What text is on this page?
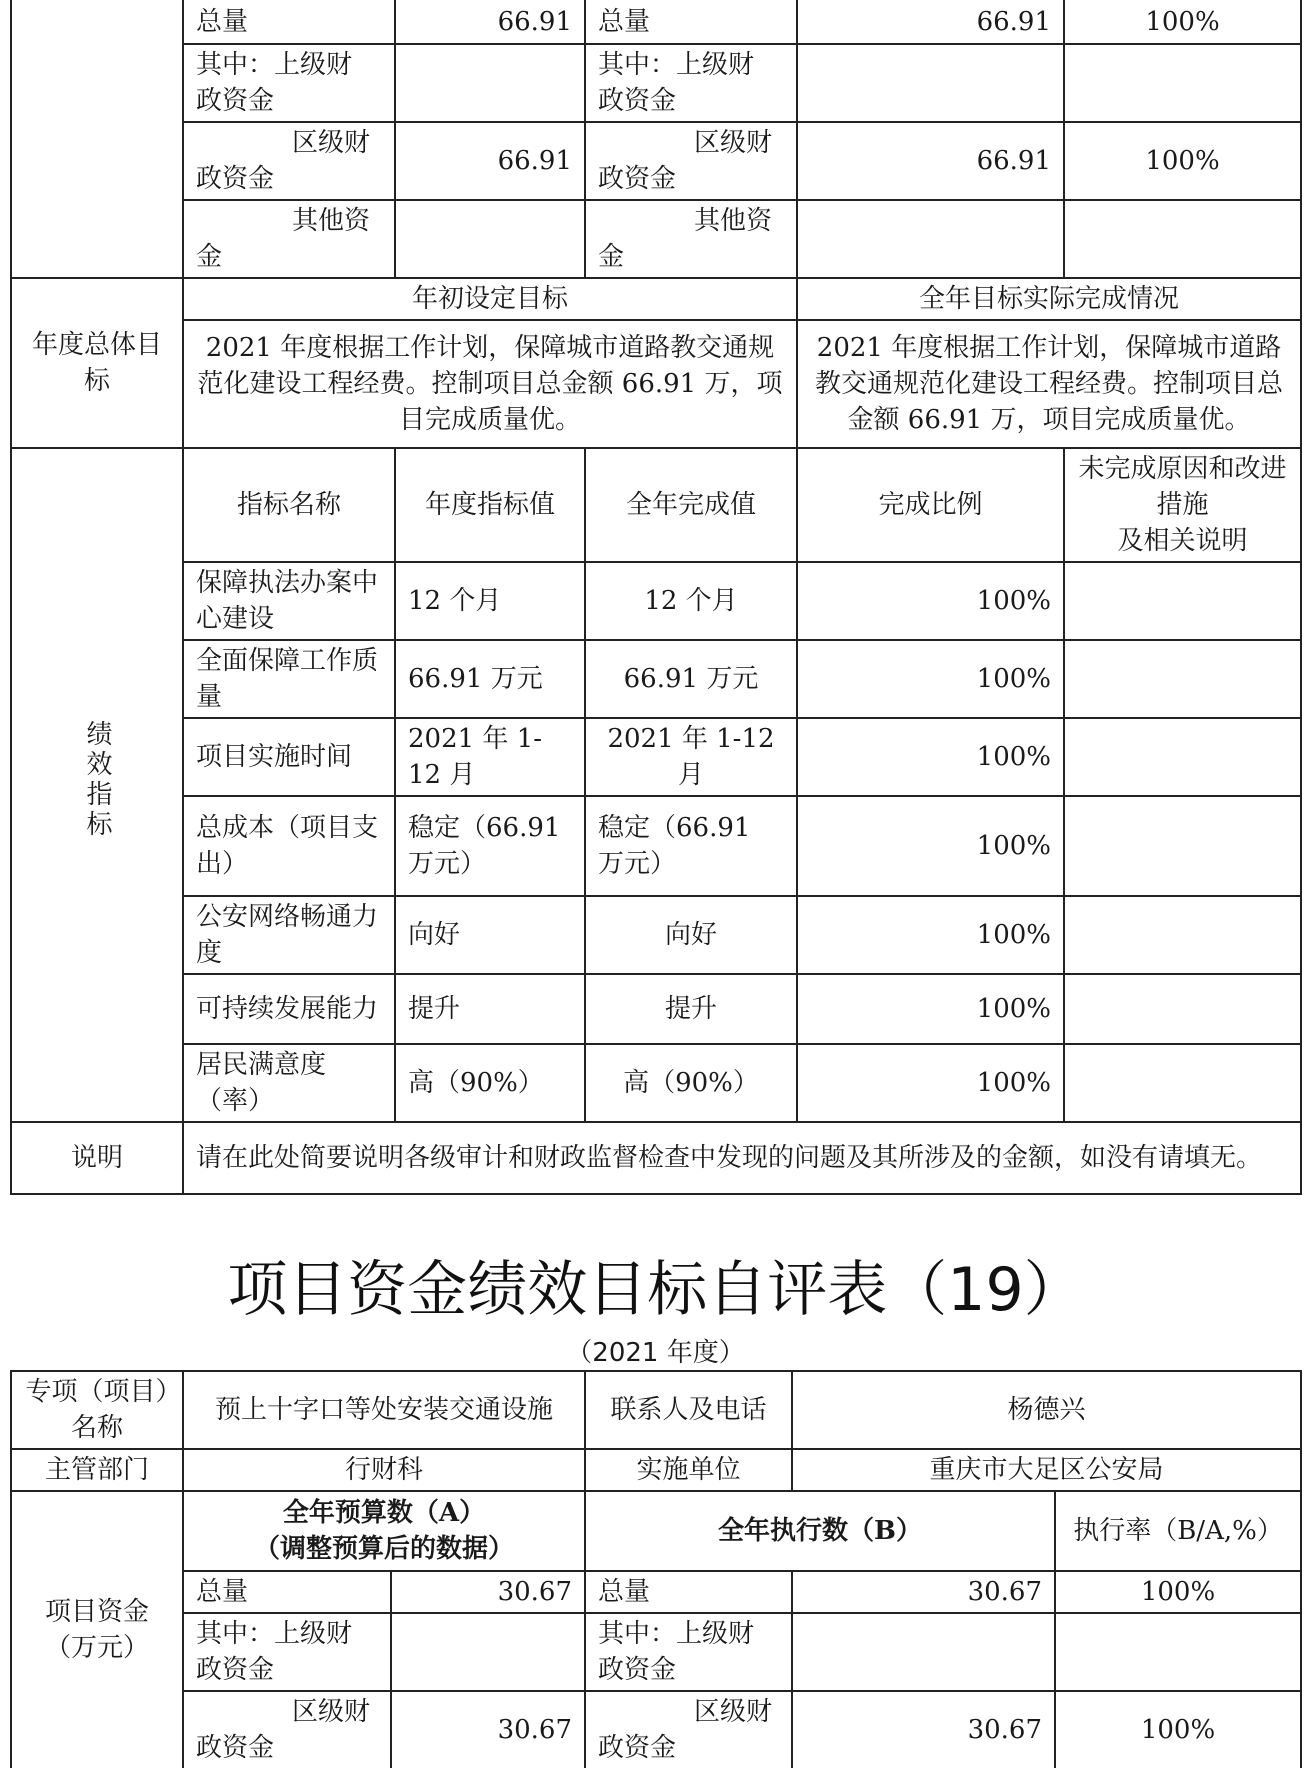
	总量	66.91	总量	66.91	100%
	其中：上级财
政资金		其中：上级财
政资金		

	区级财
政资金	66.91	区级财
政资金	66.91	100%

	其他资
金		其他资
金		
年度总体目
标	年初设定目标			全年目标实际完成情况	
	2021 年度根据工作计划，保障城市道路教交通规范化建设工程经费。控制项目总金额 66.91 万，项目完成质量优。			2021 年度根据工作计划，保障城市道路教交通规范化建设工程经费。控制项目总金额 66.91 万，项目完成质量优。	
绩效指标	指标名称	年度指标值	全年完成值	完成比例	未完成原因和改进
措施
及相关说明
	保障执法办案中心建设	12 个月	12 个月	100%	
	全面保障工作质量	66.91 万元	66.91 万元	100%	
	项目实施时间	2021 年 1-12 月	2021 年 1-12 月	100%	
	总成本（项目支出）	稳定（66.91 万元）	稳定（66.91 万元）	100%	
	公安网络畅通力度	向好	向好	100%	
	可持续发展能力	提升	提升	100%	
	居民满意度（率）	高（90%）	高（90%）	100%	
说明	请在此处简要说明各级审计和财政监督检查中发现的问题及其所涉及的金额，如没有请填无。				
项目资金绩效目标自评表（19）
（2021 年度）
专项（项目）名称	预上十字口等处安装交通设施		联系人及电话	杨德兴	
主管部门	行财科		实施单位	重庆市大足区公安局	
项目资金
（万元）	全年预算数（A）
（调整预算后的数据）		全年执行数（B）		执行率（B/A,%）
	总量	30.67	总量	30.67	100%
	其中：上级财
政资金		其中：上级财
政资金		

	区级财
政资金	30.67	区级财
政资金	30.67	100%
